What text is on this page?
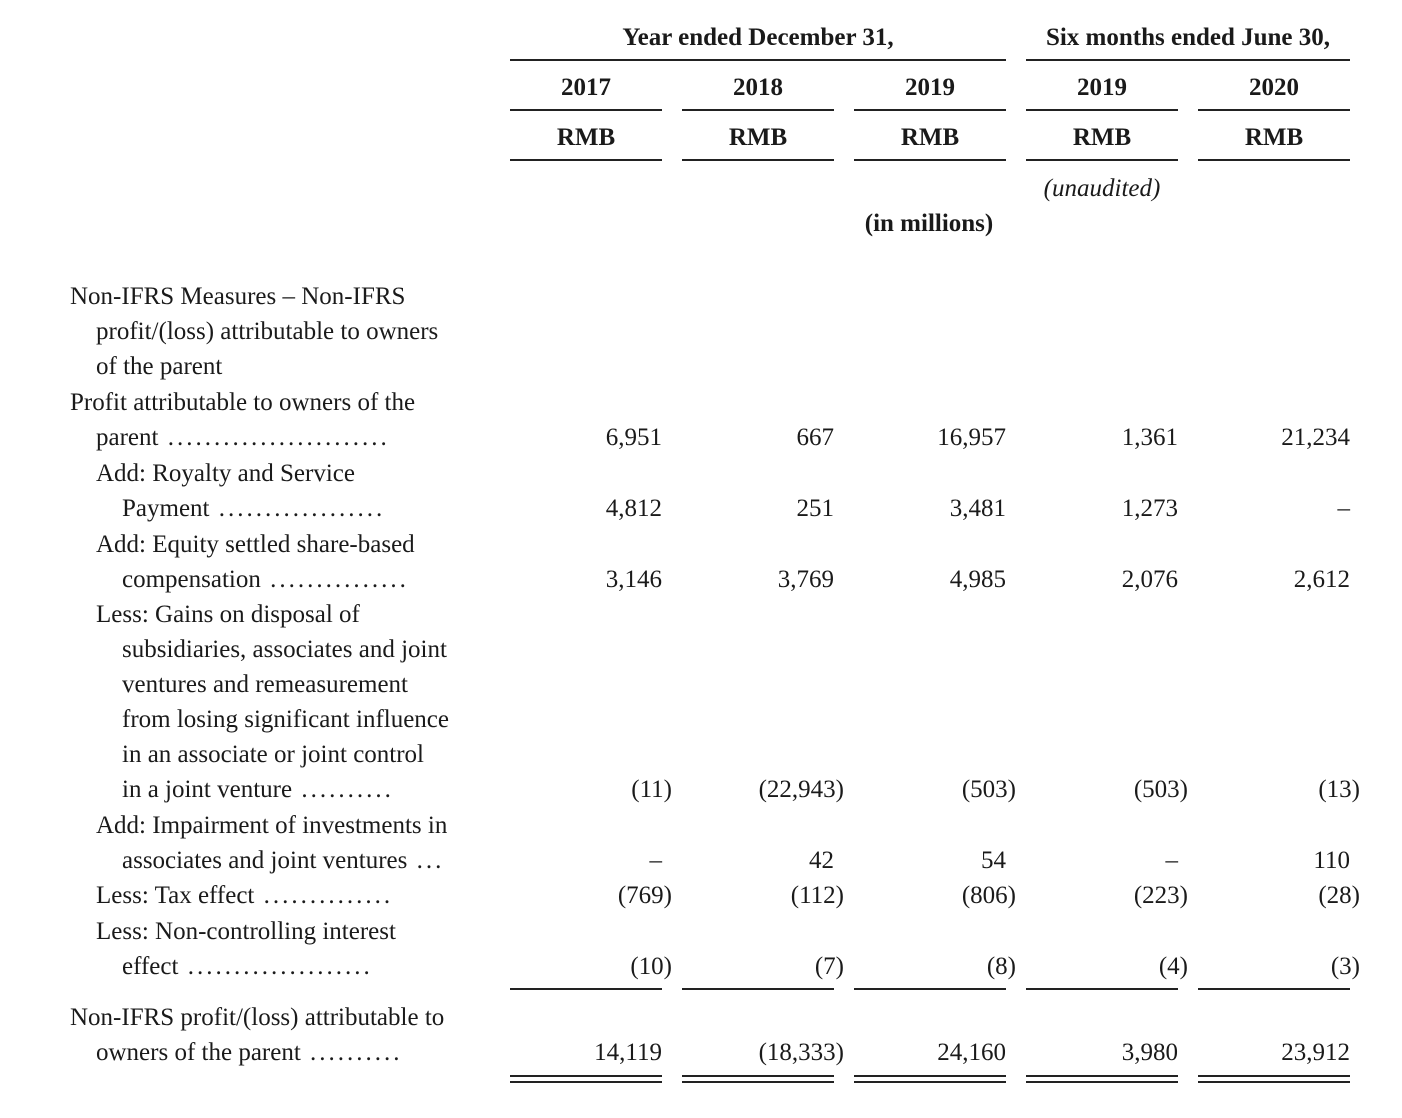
Year ended December 31,	Six months ended June 30,
2017	2018	2019	2019	2020
RMB	RMB	RMB	RMB	RMB
(unaudited)
(in millions)
Non-IFRS Measures – Non-IFRS
profit/(loss) attributable to owners
of the parent
Profit attributable to owners of the
parent ........................	6,951	667	16,957	1,361	21,234
Add: Royalty and Service
Payment ..................	4,812	251	3,481	1,273	–
Add: Equity settled share-based
compensation ...............	3,146	3,769	4,985	2,076	2,612
Less: Gains on disposal of
subsidiaries, associates and joint
ventures and remeasurement
from losing significant influence
in an associate or joint control
in a joint venture ..........	(11)	(22,943)	(503)	(503)	(13)
Add: Impairment of investments in
associates and joint ventures ...	–	42	54	–	110
Less: Tax effect ..............	(769)	(112)	(806)	(223)	(28)
Less: Non-controlling interest
effect ....................	(10)	(7)	(8)	(4)	(3)
Non-IFRS profit/(loss) attributable to
owners of the parent ..........	14,119	(18,333)	24,160	3,980	23,912
